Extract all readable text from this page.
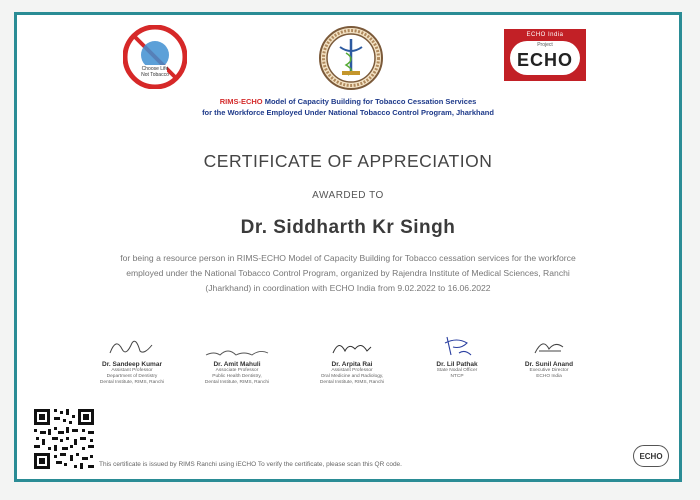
Choose Life
Not Tobacco
ECHO India
Project
ECHO
RIMS-ECHO Model of Capacity Building for Tobacco Cessation Services
for the Workforce Employed Under National Tobacco Control Program, Jharkhand
CERTIFICATE OF APPRECIATION
AWARDED TO
Dr. Siddharth Kr Singh
for being a resource person in RIMS-ECHO Model of Capacity Building for Tobacco cessation services for the workforce
employed under the National Tobacco Control Program, organized by Rajendra Institute of Medical Sciences, Ranchi
(Jharkhand) in coordination with ECHO India from 9.02.2022 to 16.06.2022
Dr. Sandeep Kumar
Assistant Professor
Department of Dentistry
Dental Institute, RIMS, Ranchi
Dr. Amit Mahuli
Associate Professor
Public Health Dentistry,
Dental Institute, RIMS, Ranchi
Dr. Arpita Rai
Assistant Professor
Oral Medicine and Radiology,
Dental Institute, RIMS, Ranchi
Dr. Lil Pathak
State Nodal Officer
NTCP
Dr. Sunil Anand
Executive Director
ECHO India
This certificate is issued by RIMS Ranchi using iECHO To verify the certificate, please scan this QR code.
ECHO
